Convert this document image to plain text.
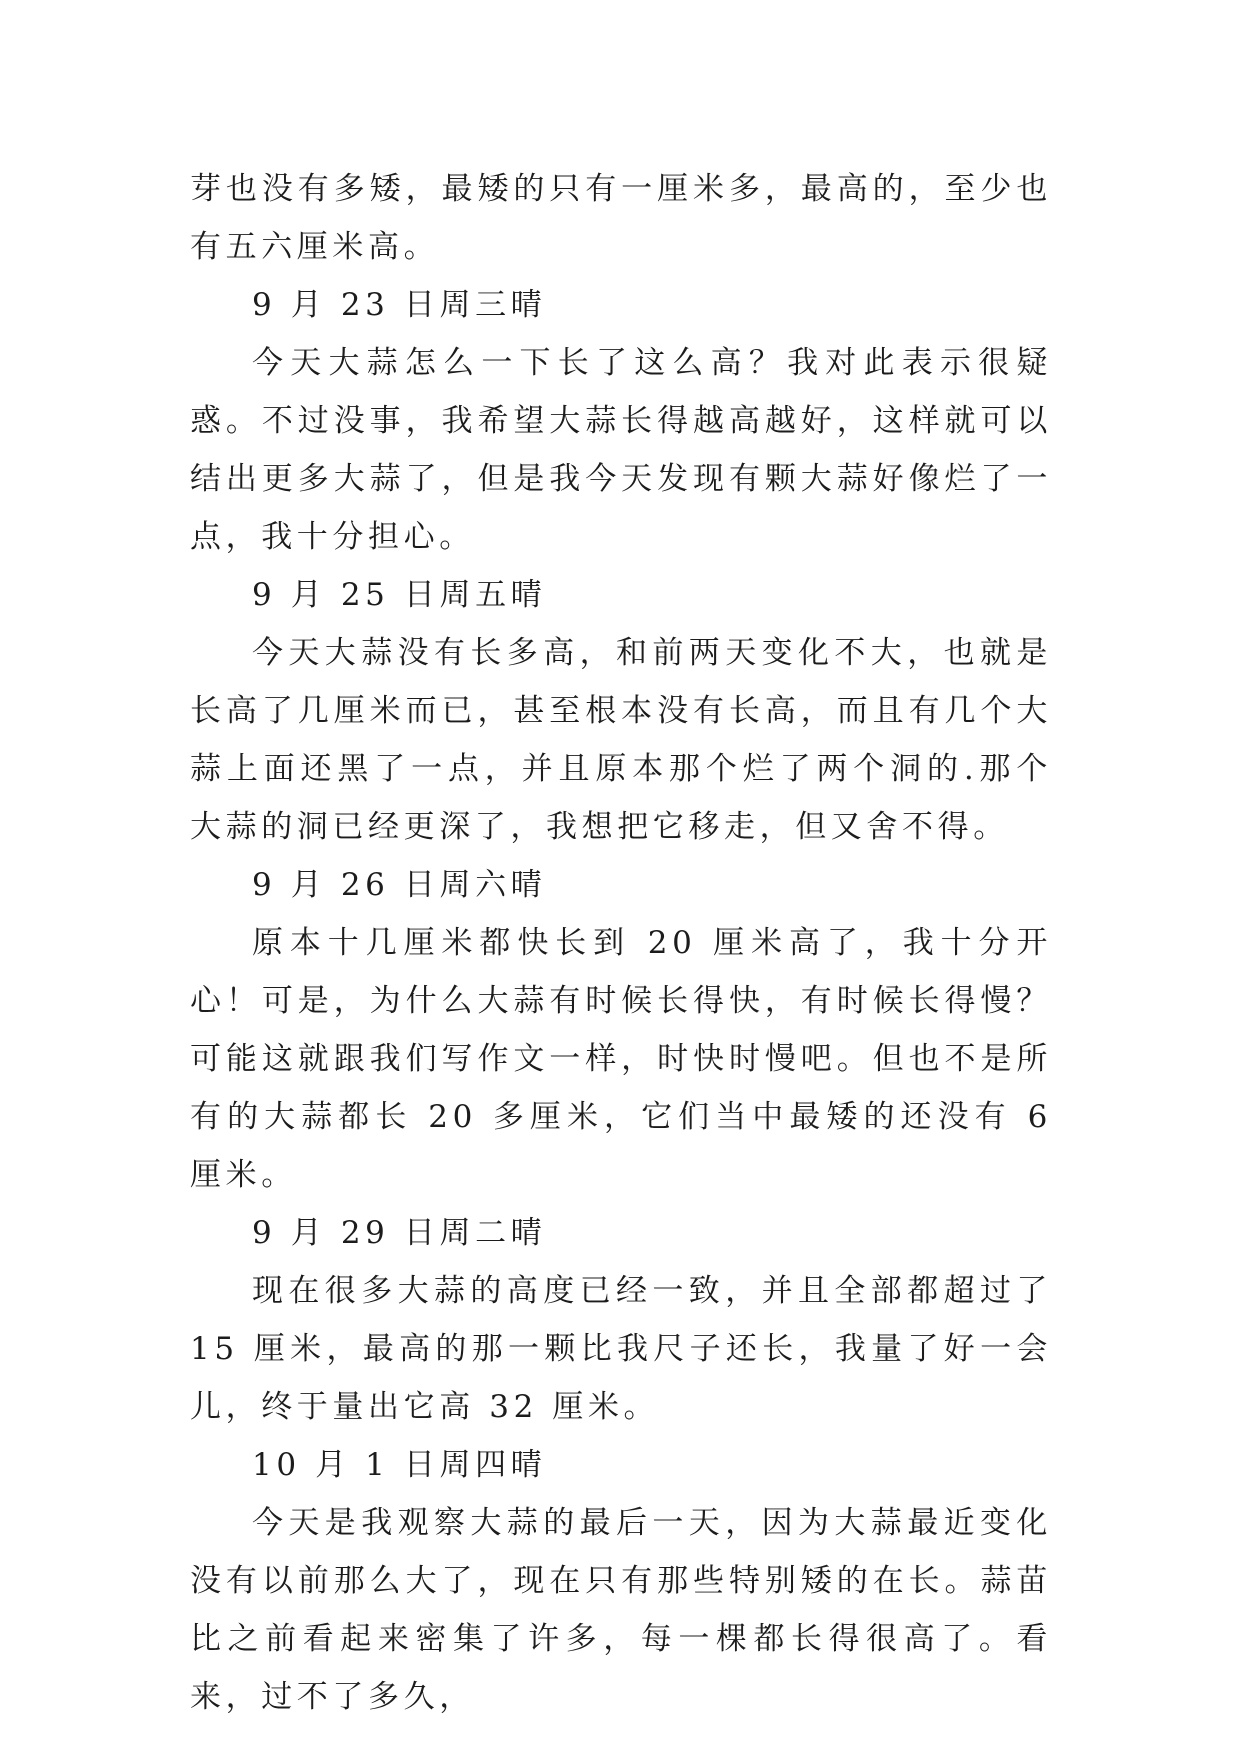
芽也没有多矮，最矮的只有一厘米多，最高的，至少也有五六厘米高。

9 月 23 日周三晴

今天大蒜怎么一下长了这么高？我对此表示很疑惑。不过没事，我希望大蒜长得越高越好，这样就可以结出更多大蒜了，但是我今天发现有颗大蒜好像烂了一点，我十分担心。

9 月 25 日周五晴

今天大蒜没有长多高，和前两天变化不大，也就是长高了几厘米而已，甚至根本没有长高，而且有几个大蒜上面还黑了一点，并且原本那个烂了两个洞的.那个大蒜的洞已经更深了，我想把它移走，但又舍不得。

9 月 26 日周六晴

原本十几厘米都快长到 20 厘米高了，我十分开心！可是，为什么大蒜有时候长得快，有时候长得慢？可能这就跟我们写作文一样，时快时慢吧。但也不是所有的大蒜都长 20 多厘米，它们当中最矮的还没有 6 厘米。

9 月 29 日周二晴

现在很多大蒜的高度已经一致，并且全部都超过了 15 厘米，最高的那一颗比我尺子还长，我量了好一会儿，终于量出它高 32 厘米。

10 月 1 日周四晴

今天是我观察大蒜的最后一天，因为大蒜最近变化没有以前那么大了，现在只有那些特别矮的在长。蒜苗比之前看起来密集了许多，每一棵都长得很高了。看来，过不了多久，
